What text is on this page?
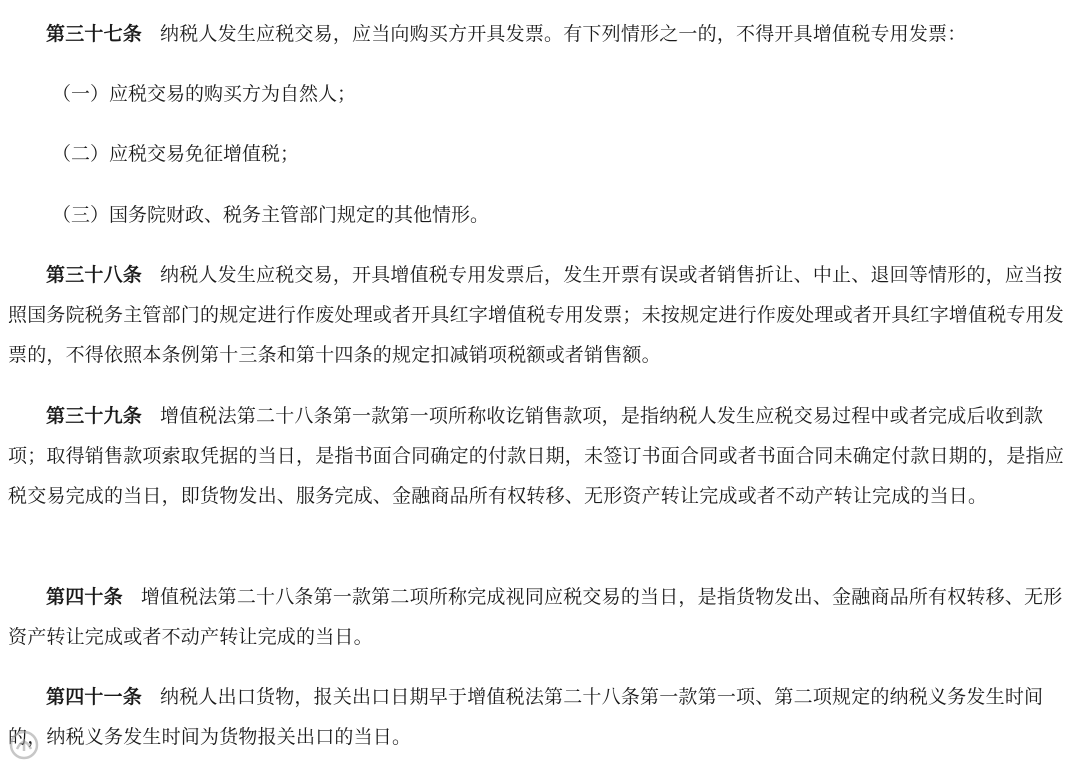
第三十七条 纳税人发生应税交易，应当向购买方开具发票。有下列情形之一的，不得开具增值税专用发票：

（一）应税交易的购买方为自然人；

（二）应税交易免征增值税；

（三）国务院财政、税务主管部门规定的其他情形。

第三十八条 纳税人发生应税交易，开具增值税专用发票后，发生开票有误或者销售折让、中止、退回等情形的，应当按照国务院税务主管部门的规定进行作废处理或者开具红字增值税专用发票；未按规定进行作废处理或者开具红字增值税专用发票的，不得依照本条例第十三条和第十四条的规定扣减销项税额或者销售额。

第三十九条 增值税法第二十八条第一款第一项所称收讫销售款项，是指纳税人发生应税交易过程中或者完成后收到款项；取得销售款项索取凭据的当日，是指书面合同确定的付款日期，未签订书面合同或者书面合同未确定付款日期的，是指应税交易完成的当日，即货物发出、服务完成、金融商品所有权转移、无形资产转让完成或者不动产转让完成的当日。

第四十条 增值税法第二十八条第一款第二项所称完成视同应税交易的当日，是指货物发出、金融商品所有权转移、无形资产转让完成或者不动产转让完成的当日。

第四十一条 纳税人出口货物，报关出口日期早于增值税法第二十八条第一款第一项、第二项规定的纳税义务发生时间的，纳税义务发生时间为货物报关出口的当日。
